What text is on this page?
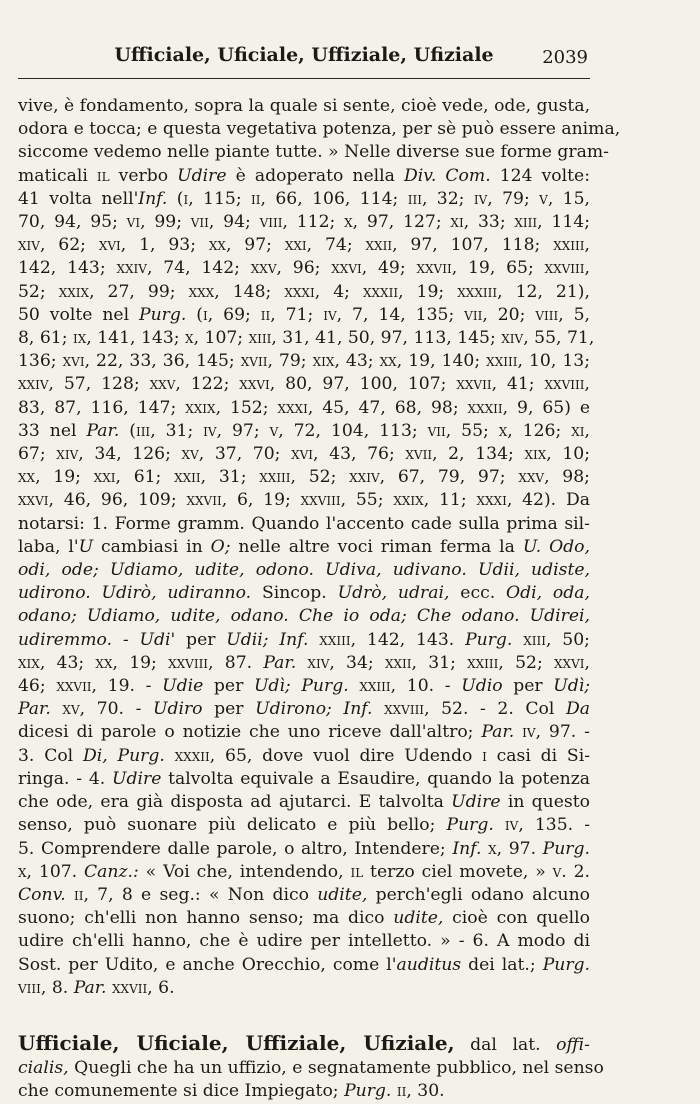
Ufficiale, Uficiale, Uffiziale, Ufiziale	2039
vive, è fondamento, sopra la quale si sente, cioè vede, ode, gusta,
odora e tocca; e questa vegetativa potenza, per sè può essere anima,
siccome vedemo nelle piante tutte. » Nelle diverse sue forme gram-
maticali il verbo Udire è adoperato nella Div. Com. 124 volte:
41 volta nell'Inf. (i, 115; ii, 66, 106, 114; iii, 32; iv, 79; v, 15,
70, 94, 95; vi, 99; vii, 94; viii, 112; x, 97, 127; xi, 33; xiii, 114;
xiv, 62; xvi, 1, 93; xx, 97; xxi, 74; xxii, 97, 107, 118; xxiii,
142, 143; xxiv, 74, 142; xxv, 96; xxvi, 49; xxvii, 19, 65; xxviii,
52; xxix, 27, 99; xxx, 148; xxxi, 4; xxxii, 19; xxxiii, 12, 21),
50 volte nel Purg. (i, 69; ii, 71; iv, 7, 14, 135; vii, 20; viii, 5,
8, 61; ix, 141, 143; x, 107; xiii, 31, 41, 50, 97, 113, 145; xiv, 55, 71,
136; xvi, 22, 33, 36, 145; xvii, 79; xix, 43; xx, 19, 140; xxiii, 10, 13;
xxiv, 57, 128; xxv, 122; xxvi, 80, 97, 100, 107; xxvii, 41; xxviii,
83, 87, 116, 147; xxix, 152; xxxi, 45, 47, 68, 98; xxxii, 9, 65) e
33 nel Par. (iii, 31; iv, 97; v, 72, 104, 113; vii, 55; x, 126; xi,
67; xiv, 34, 126; xv, 37, 70; xvi, 43, 76; xvii, 2, 134; xix, 10;
xx, 19; xxi, 61; xxii, 31; xxiii, 52; xxiv, 67, 79, 97; xxv, 98;
xxvi, 46, 96, 109; xxvii, 6, 19; xxviii, 55; xxix, 11; xxxi, 42). Da
notarsi: 1. Forme gramm. Quando l'accento cade sulla prima sil-
laba, l'U cambiasi in O; nelle altre voci riman ferma la U. Odo,
odi, ode; Udiamo, udite, odono. Udiva, udivano. Udii, udiste,
udirono. Udirò, udiranno. Sincop. Udrò, udrai, ecc. Odi, oda,
odano; Udiamo, udite, odano. Che io oda; Che odano. Udirei,
udiremmo. - Udi' per Udii; Inf. xxiii, 142, 143. Purg. xiii, 50;
xix, 43; xx, 19; xxviii, 87. Par. xiv, 34; xxii, 31; xxiii, 52; xxvi,
46; xxvii, 19. - Udie per Udì; Purg. xxiii, 10. - Udio per Udì;
Par. xv, 70. - Udiro per Udirono; Inf. xxviii, 52. - 2. Col Da
dicesi di parole o notizie che uno riceve dall'altro; Par. iv, 97. -
3. Col Di, Purg. xxxii, 65, dove vuol dire Udendo i casi di Si-
ringa. - 4. Udire talvolta equivale a Esaudire, quando la potenza
che ode, era già disposta ad ajutarci. E talvolta Udire in questo
senso, può suonare più delicato e più bello; Purg. iv, 135. -
5. Comprendere dalle parole, o altro, Intendere; Inf. x, 97. Purg.
x, 107. Canz.: « Voi che, intendendo, il terzo ciel movete, » v. 2.
Conv. ii, 7, 8 e seg.: « Non dico udite, perch'egli odano alcuno
suono; ch'elli non hanno senso; ma dico udite, cioè con quello
udire ch'elli hanno, che è udire per intelletto. » - 6. A modo di
Sost. per Udito, e anche Orecchio, come l'auditus dei lat.; Purg.
viii, 8. Par. xxvii, 6.
Ufficiale, Uficiale, Uffiziale, Ufiziale, dal lat. offi-
cialis, Quegli che ha un uffizio, e segnatamente pubblico, nel senso
che comunemente si dice Impiegato; Purg. ii, 30.
